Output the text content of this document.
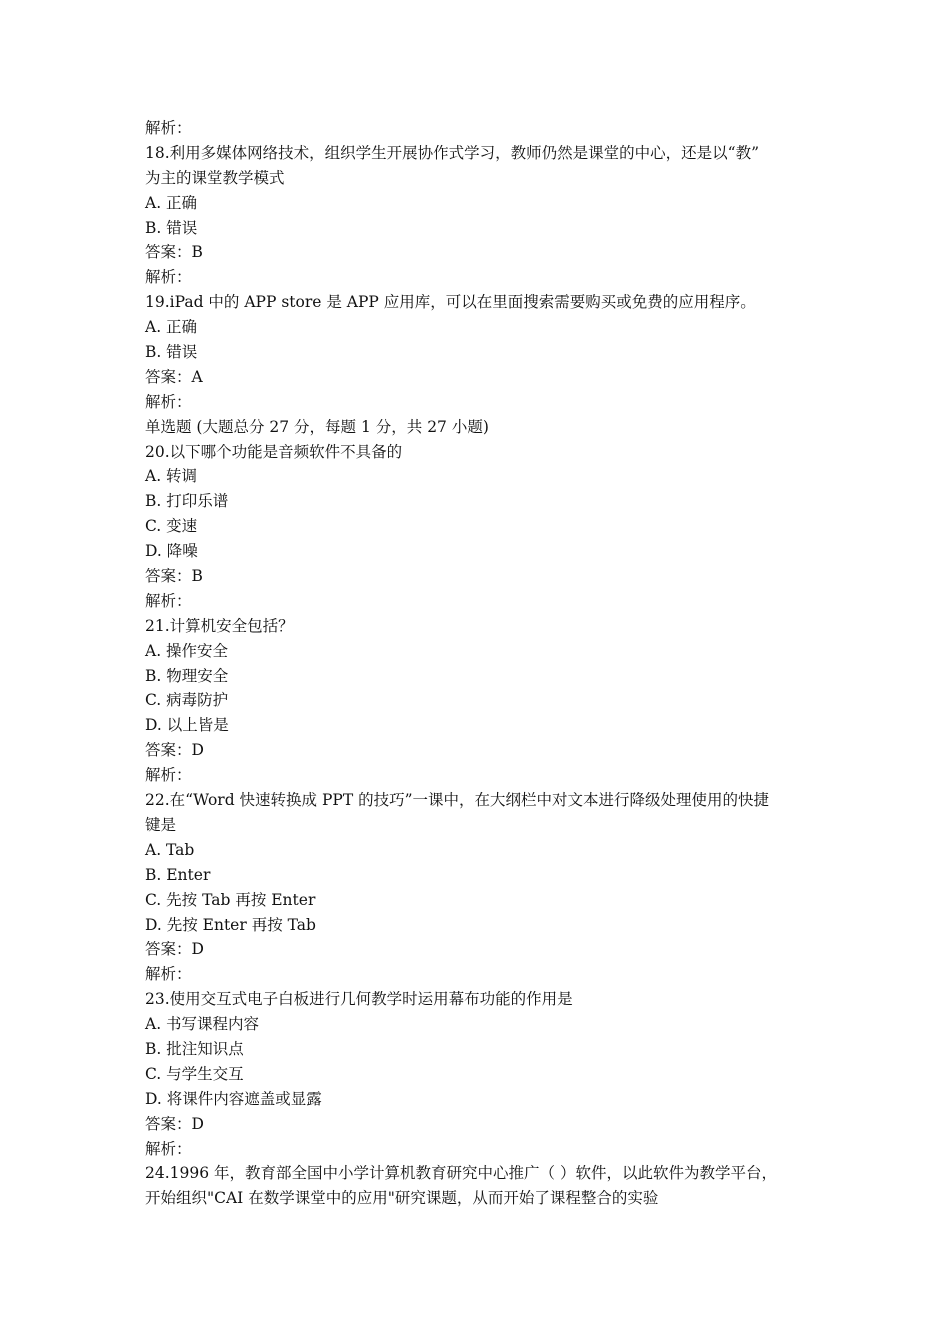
解析：
18.利用多媒体网络技术，组织学生开展协作式学习，教师仍然是课堂的中心，还是以“教”
为主的课堂教学模式
A. 正确
B. 错误
答案：B
解析：
19.iPad 中的 APP store 是 APP 应用库，可以在里面搜索需要购买或免费的应用程序。
A. 正确
B. 错误
答案：A
解析：
单选题 (大题总分 27 分，每题 1 分，共 27 小题)
20.以下哪个功能是音频软件不具备的
A. 转调
B. 打印乐谱
C. 变速
D. 降噪
答案：B
解析：
21.计算机安全包括？
A. 操作安全
B. 物理安全
C. 病毒防护
D. 以上皆是
答案：D
解析：
22.在“Word 快速转换成 PPT 的技巧”一课中，在大纲栏中对文本进行降级处理使用的快捷
键是
A. Tab
B. Enter
C. 先按 Tab 再按 Enter
D. 先按 Enter 再按 Tab
答案：D
解析：
23.使用交互式电子白板进行几何教学时运用幕布功能的作用是
A. 书写课程内容
B. 批注知识点
C. 与学生交互
D. 将课件内容遮盖或显露
答案：D
解析：
24.1996 年，教育部全国中小学计算机教育研究中心推广（ ）软件，以此软件为教学平台，
开始组织"CAI 在数学课堂中的应用"研究课题，从而开始了课程整合的实验
